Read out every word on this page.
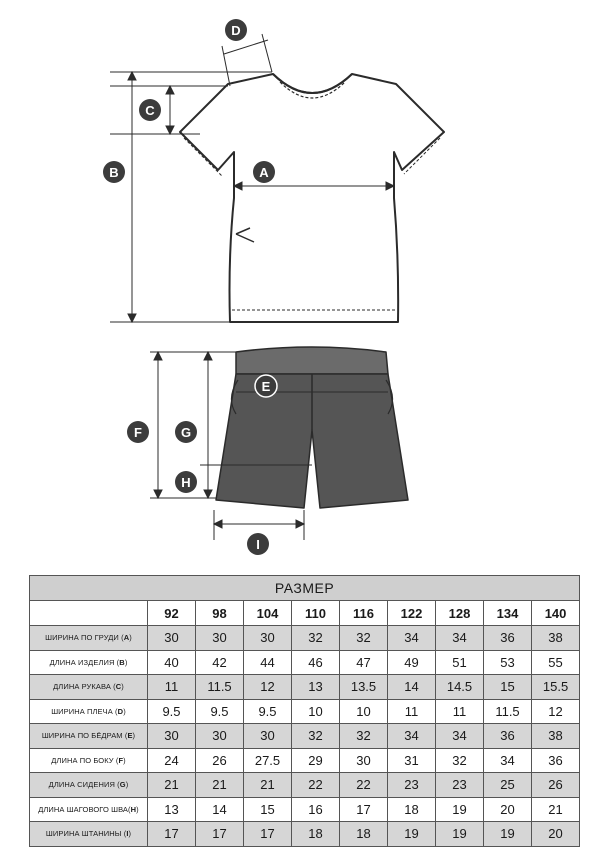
D
C
B	A
E
F	G
H
I
РАЗМЕР									
	92	98	104	110	116	122	128	134	140
ШИРИНА ПО ГРУДИ (A)	30	30	30	32	32	34	34	36	38
ДЛИНА ИЗДЕЛИЯ (B)	40	42	44	46	47	49	51	53	55
ДЛИНА РУКАВА (C)	11	11.5	12	13	13.5	14	14.5	15	15.5
ШИРИНА ПЛЕЧА (D)	9.5	9.5	9.5	10	10	11	11	11.5	12
ШИРИНА ПО БЁДРАМ (E)	30	30	30	32	32	34	34	36	38
ДЛИНА ПО БОКУ (F)	24	26	27.5	29	30	31	32	34	36
ДЛИНА СИДЕНИЯ (G)	21	21	21	22	22	23	23	25	26
ДЛИНА ШАГОВОГО ШВА(H)	13	14	15	16	17	18	19	20	21
ШИРИНА ШТАНИНЫ (I)	17	17	17	18	18	19	19	19	20
